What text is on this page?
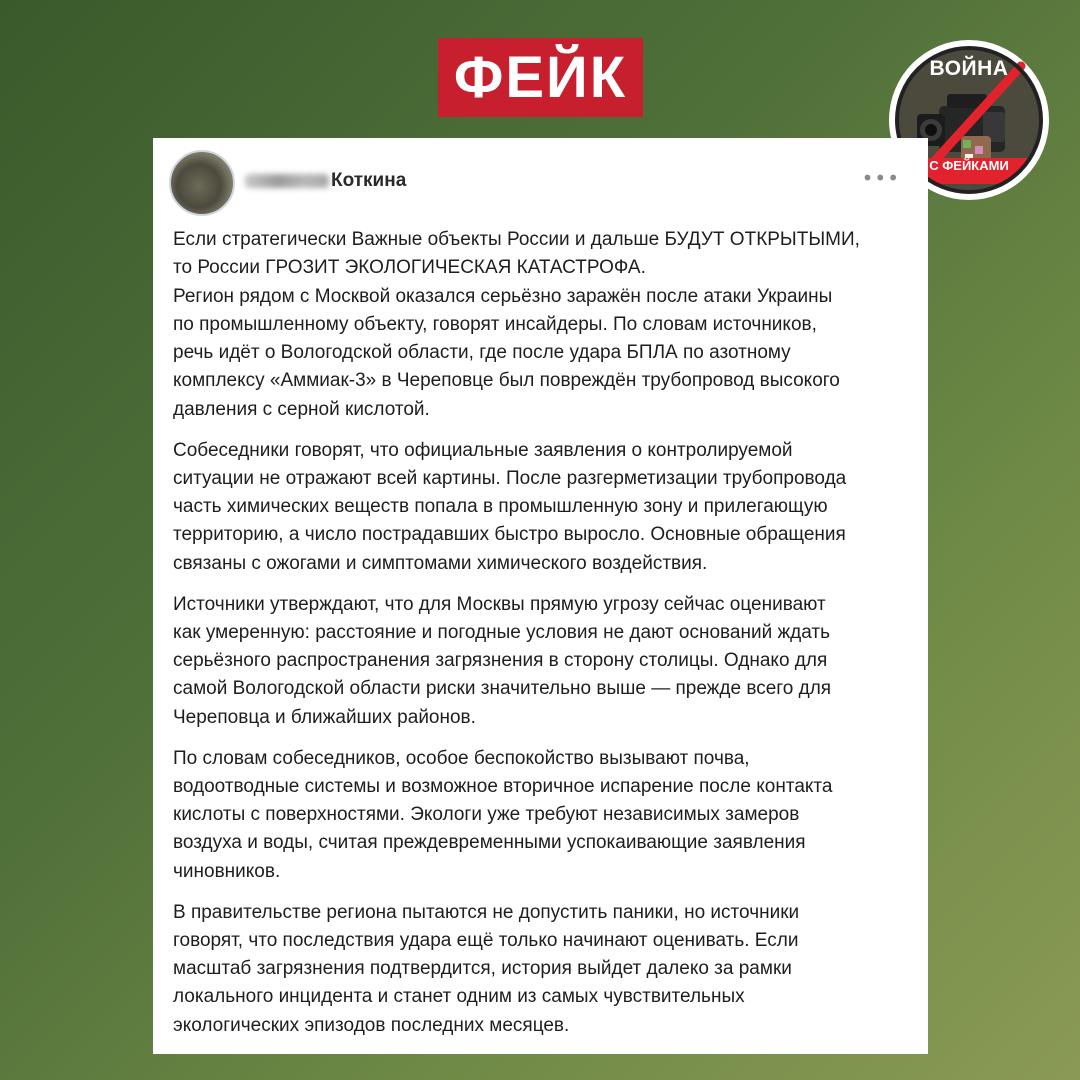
ФЕЙК	ВОЙНА
С ФЕЙКАМИ
Коткина	•••

Если стратегически Важные объекты России и дальше БУДУТ ОТКРЫТЫМИ,
то России ГРОЗИТ ЭКОЛОГИЧЕСКАЯ КАТАСТРОФА.
Регион рядом с Москвой оказался серьёзно заражён после атаки Украины
по промышленному объекту, говорят инсайдеры. По словам источников,
речь идёт о Вологодской области, где после удара БПЛА по азотному
комплексу «Аммиак-3» в Череповце был повреждён трубопровод высокого
давления с серной кислотой.

Собеседники говорят, что официальные заявления о контролируемой
ситуации не отражают всей картины. После разгерметизации трубопровода
часть химических веществ попала в промышленную зону и прилегающую
территорию, а число пострадавших быстро выросло. Основные обращения
связаны с ожогами и симптомами химического воздействия.

Источники утверждают, что для Москвы прямую угрозу сейчас оценивают
как умеренную: расстояние и погодные условия не дают оснований ждать
серьёзного распространения загрязнения в сторону столицы. Однако для
самой Вологодской области риски значительно выше — прежде всего для
Череповца и ближайших районов.

По словам собеседников, особое беспокойство вызывают почва,
водоотводные системы и возможное вторичное испарение после контакта
кислоты с поверхностями. Экологи уже требуют независимых замеров
воздуха и воды, считая преждевременными успокаивающие заявления
чиновников.

В правительстве региона пытаются не допустить паники, но источники
говорят, что последствия удара ещё только начинают оценивать. Если
масштаб загрязнения подтвердится, история выйдет далеко за рамки
локального инцидента и станет одним из самых чувствительных
экологических эпизодов последних месяцев.
